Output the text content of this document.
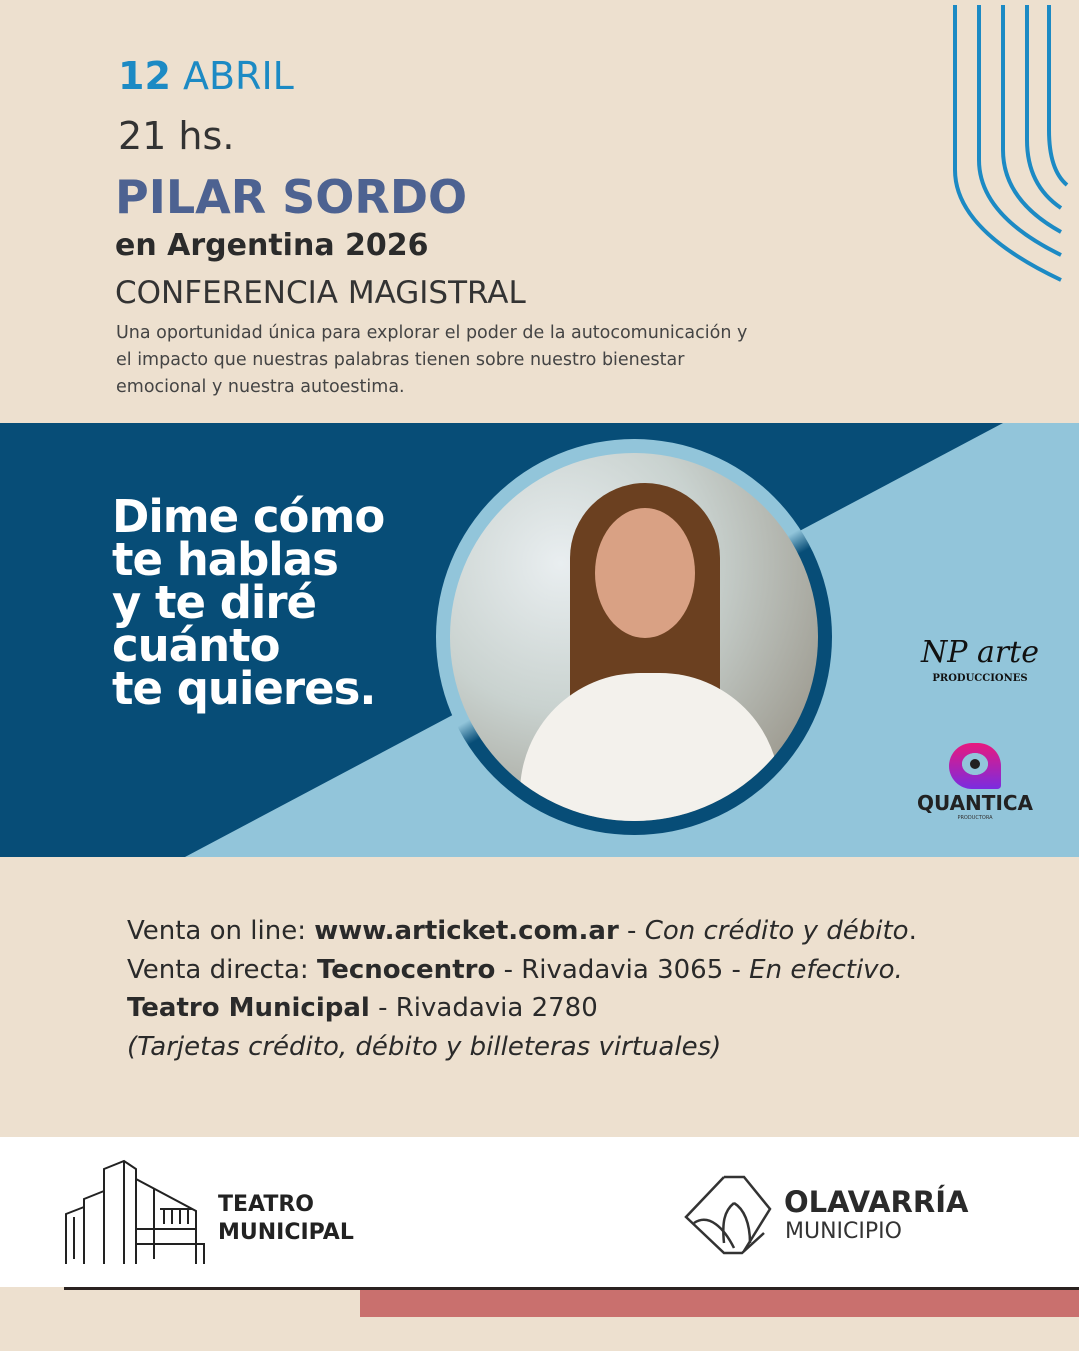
12 ABRIL
21 hs.
PILAR SORDO
en Argentina 2026
CONFERENCIA MAGISTRAL
Una oportunidad única para explorar el poder de la autocomunicación y el impacto que nuestras palabras tienen sobre nuestro bienestar emocional y nuestra autoestima.
Dime cómo
te hablas
y te diré
cuánto
te quieres.
NP arte
PRODUCCIONES
QUANTICA
PRODUCTORA
Venta on line: www.articket.com.ar - Con crédito y débito.
Venta directa: Tecnocentro - Rivadavia 3065 - En efectivo.
Teatro Municipal - Rivadavia 2780
(Tarjetas crédito, débito y billeteras virtuales)
TEATRO
MUNICIPAL
OLAVARRÍA
MUNICIPIO
